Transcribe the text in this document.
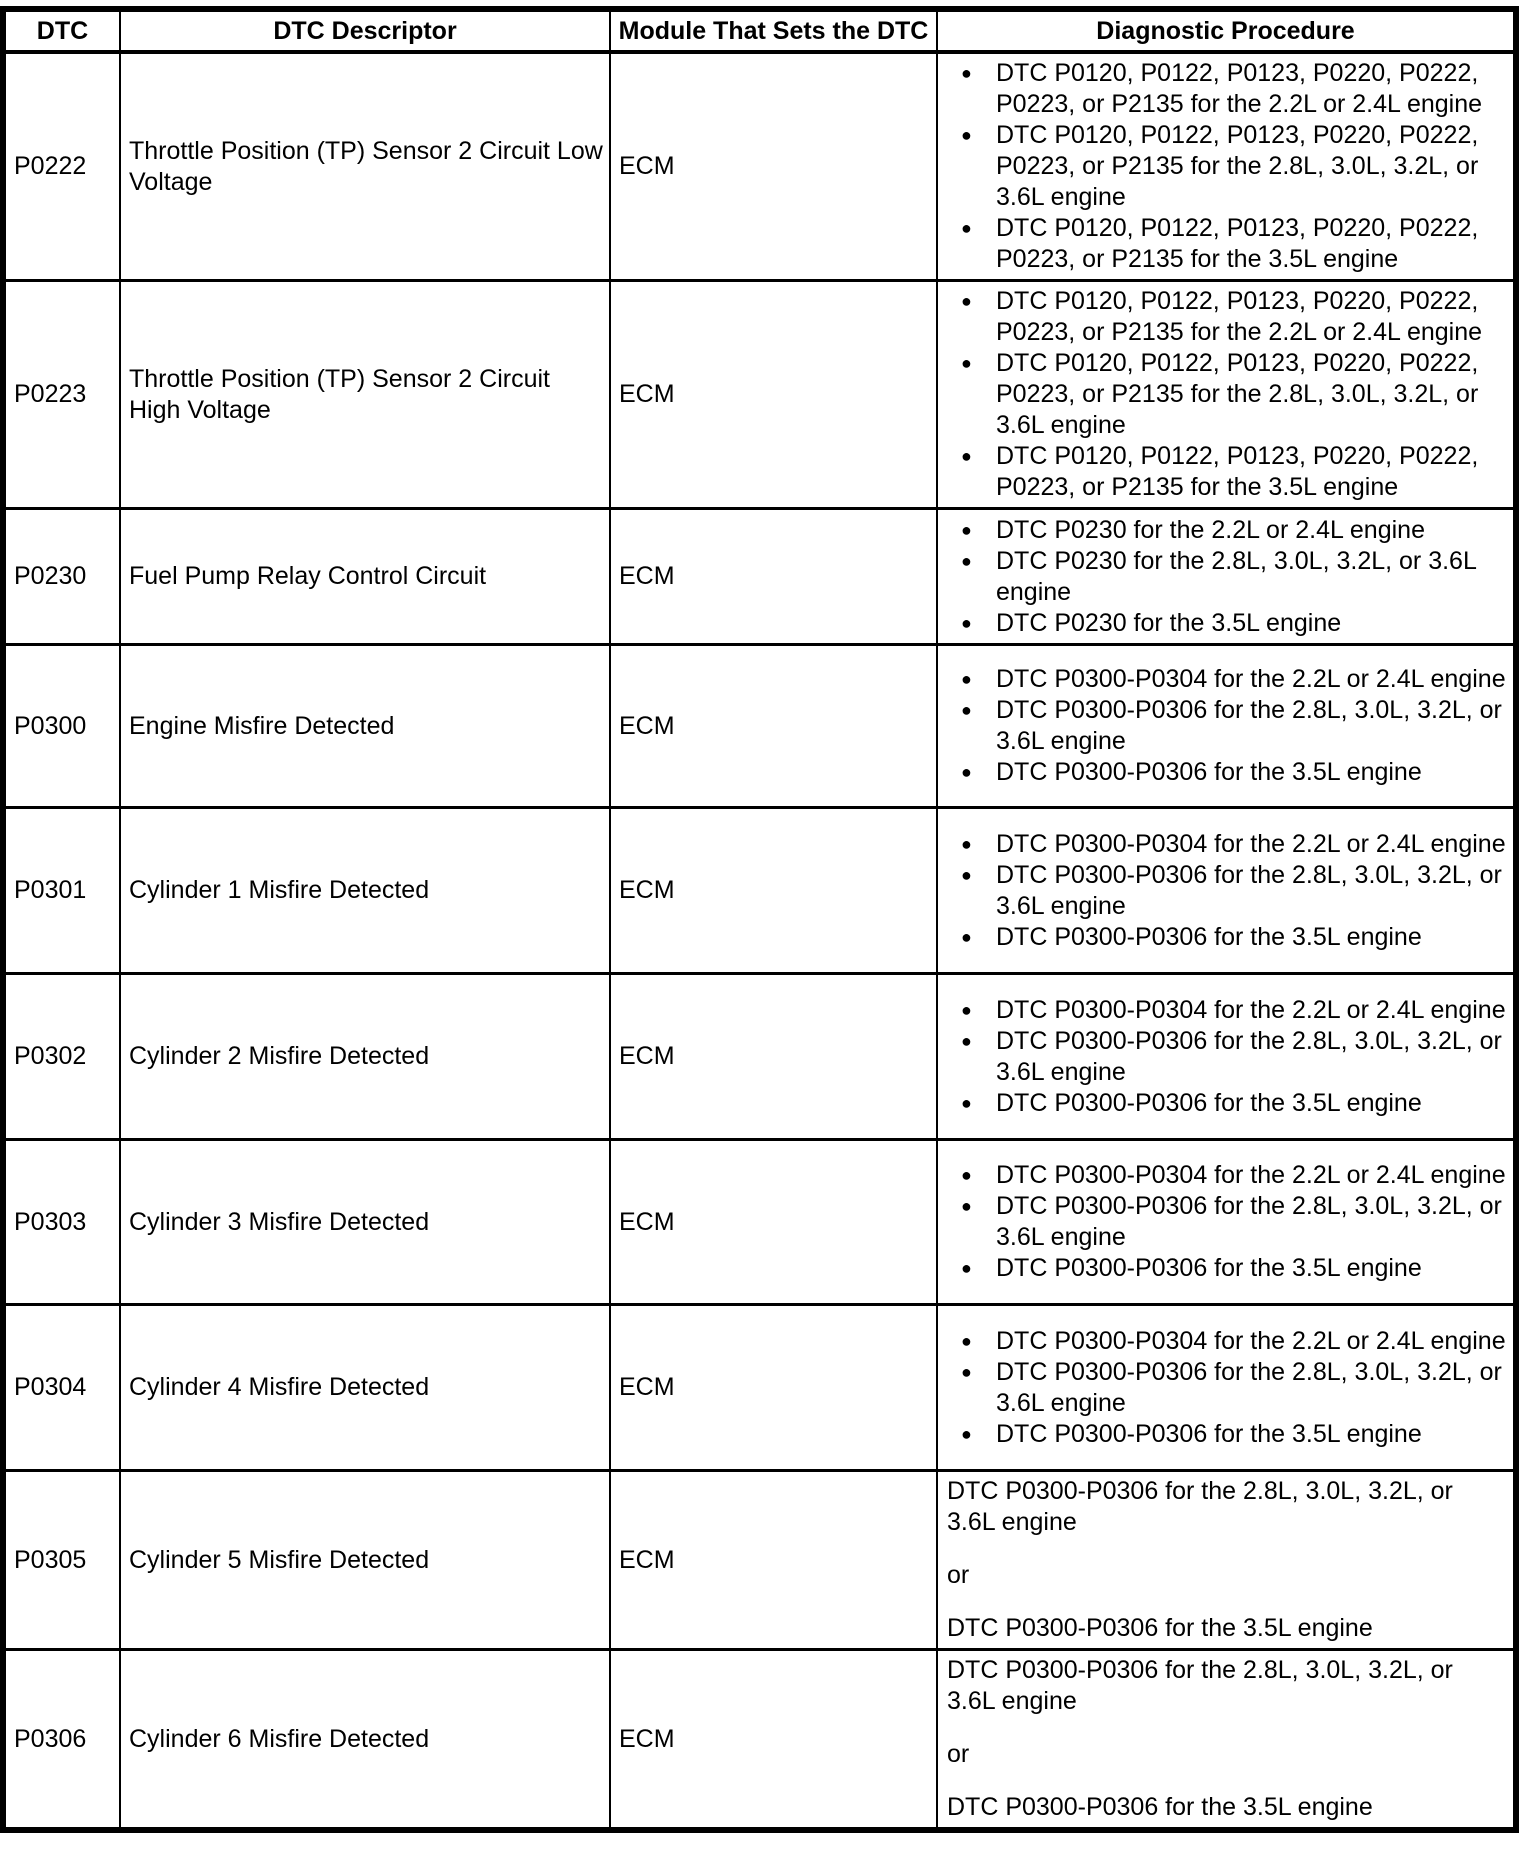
DTC	DTC Descriptor	Module That Sets the DTC	Diagnostic Procedure
P0222	Throttle Position (TP) Sensor 2 Circuit Low Voltage	ECM	
● DTC P0120, P0122, P0123, P0220, P0222, P0223, or P2135 for the 2.2L or 2.4L engine
● DTC P0120, P0122, P0123, P0220, P0222, P0223, or P2135 for the 2.8L, 3.0L, 3.2L, or 3.6L engine
● DTC P0120, P0122, P0123, P0220, P0222, P0223, or P2135 for the 3.5L engine

P0223	Throttle Position (TP) Sensor 2 Circuit High Voltage	ECM	
● DTC P0120, P0122, P0123, P0220, P0222, P0223, or P2135 for the 2.2L or 2.4L engine
● DTC P0120, P0122, P0123, P0220, P0222, P0223, or P2135 for the 2.8L, 3.0L, 3.2L, or 3.6L engine
● DTC P0120, P0122, P0123, P0220, P0222, P0223, or P2135 for the 3.5L engine

P0230	Fuel Pump Relay Control Circuit	ECM	
● DTC P0230 for the 2.2L or 2.4L engine
● DTC P0230 for the 2.8L, 3.0L, 3.2L, or 3.6L engine
● DTC P0230 for the 3.5L engine

P0300	Engine Misfire Detected	ECM	
● DTC P0300-P0304 for the 2.2L or 2.4L engine
● DTC P0300-P0306 for the 2.8L, 3.0L, 3.2L, or 3.6L engine
● DTC P0300-P0306 for the 3.5L engine

P0301	Cylinder 1 Misfire Detected	ECM	
● DTC P0300-P0304 for the 2.2L or 2.4L engine
● DTC P0300-P0306 for the 2.8L, 3.0L, 3.2L, or 3.6L engine
● DTC P0300-P0306 for the 3.5L engine

P0302	Cylinder 2 Misfire Detected	ECM	
● DTC P0300-P0304 for the 2.2L or 2.4L engine
● DTC P0300-P0306 for the 2.8L, 3.0L, 3.2L, or 3.6L engine
● DTC P0300-P0306 for the 3.5L engine

P0303	Cylinder 3 Misfire Detected	ECM	
● DTC P0300-P0304 for the 2.2L or 2.4L engine
● DTC P0300-P0306 for the 2.8L, 3.0L, 3.2L, or 3.6L engine
● DTC P0300-P0306 for the 3.5L engine

P0304	Cylinder 4 Misfire Detected	ECM	
● DTC P0300-P0304 for the 2.2L or 2.4L engine
● DTC P0300-P0306 for the 2.8L, 3.0L, 3.2L, or 3.6L engine
● DTC P0300-P0306 for the 3.5L engine

P0305	Cylinder 5 Misfire Detected	ECM	DTC P0300-P0306 for the 2.8L, 3.0L, 3.2L, or 3.6L engine
or
DTC P0300-P0306 for the 3.5L engine

P0306	Cylinder 6 Misfire Detected	ECM	DTC P0300-P0306 for the 2.8L, 3.0L, 3.2L, or 3.6L engine
or
DTC P0300-P0306 for the 3.5L engine
